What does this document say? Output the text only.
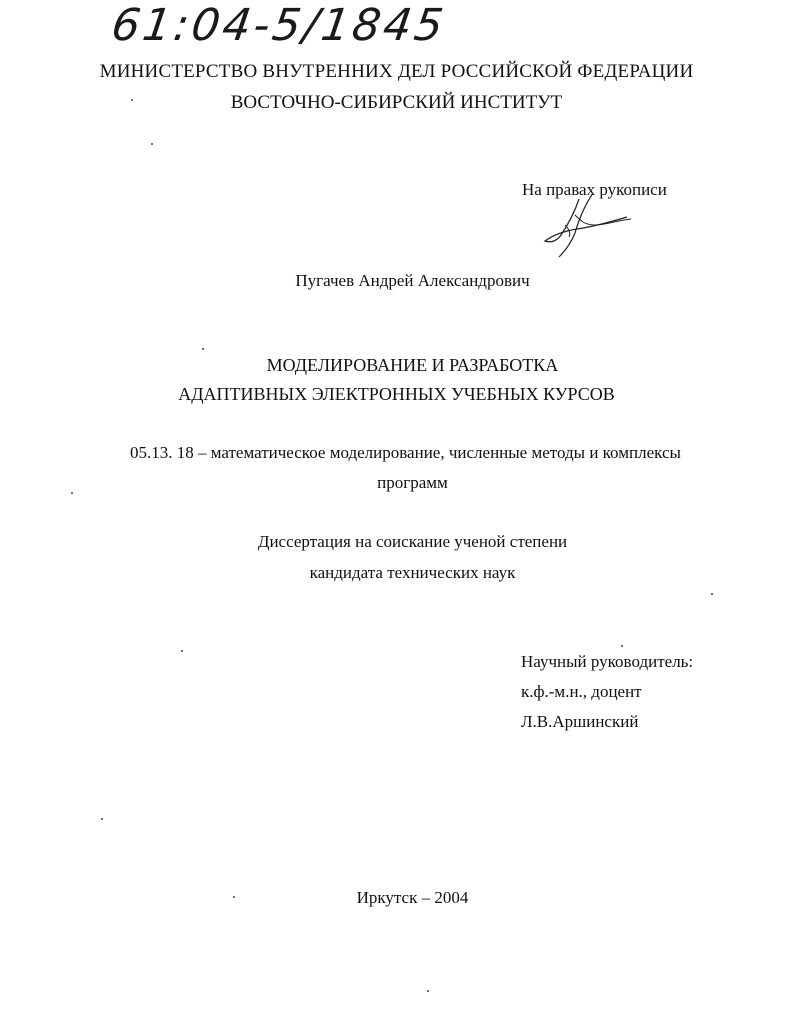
61:04-5/1845
МИНИСТЕРСТВО ВНУТРЕННИХ ДЕЛ РОССИЙСКОЙ ФЕДЕРАЦИИ
ВОСТОЧНО-СИБИРСКИЙ ИНСТИТУТ
На правах рукописи
Пугачев Андрей Александрович
МОДЕЛИРОВАНИЕ И РАЗРАБОТКА
АДАПТИВНЫХ ЭЛЕКТРОННЫХ УЧЕБНЫХ КУРСОВ
05.13. 18 – математическое моделирование, численные методы и комплексы
программ
Диссертация на соискание ученой степени
кандидата технических наук
Научный руководитель:
к.ф.-м.н., доцент
Л.В.Аршинский
Иркутск – 2004
